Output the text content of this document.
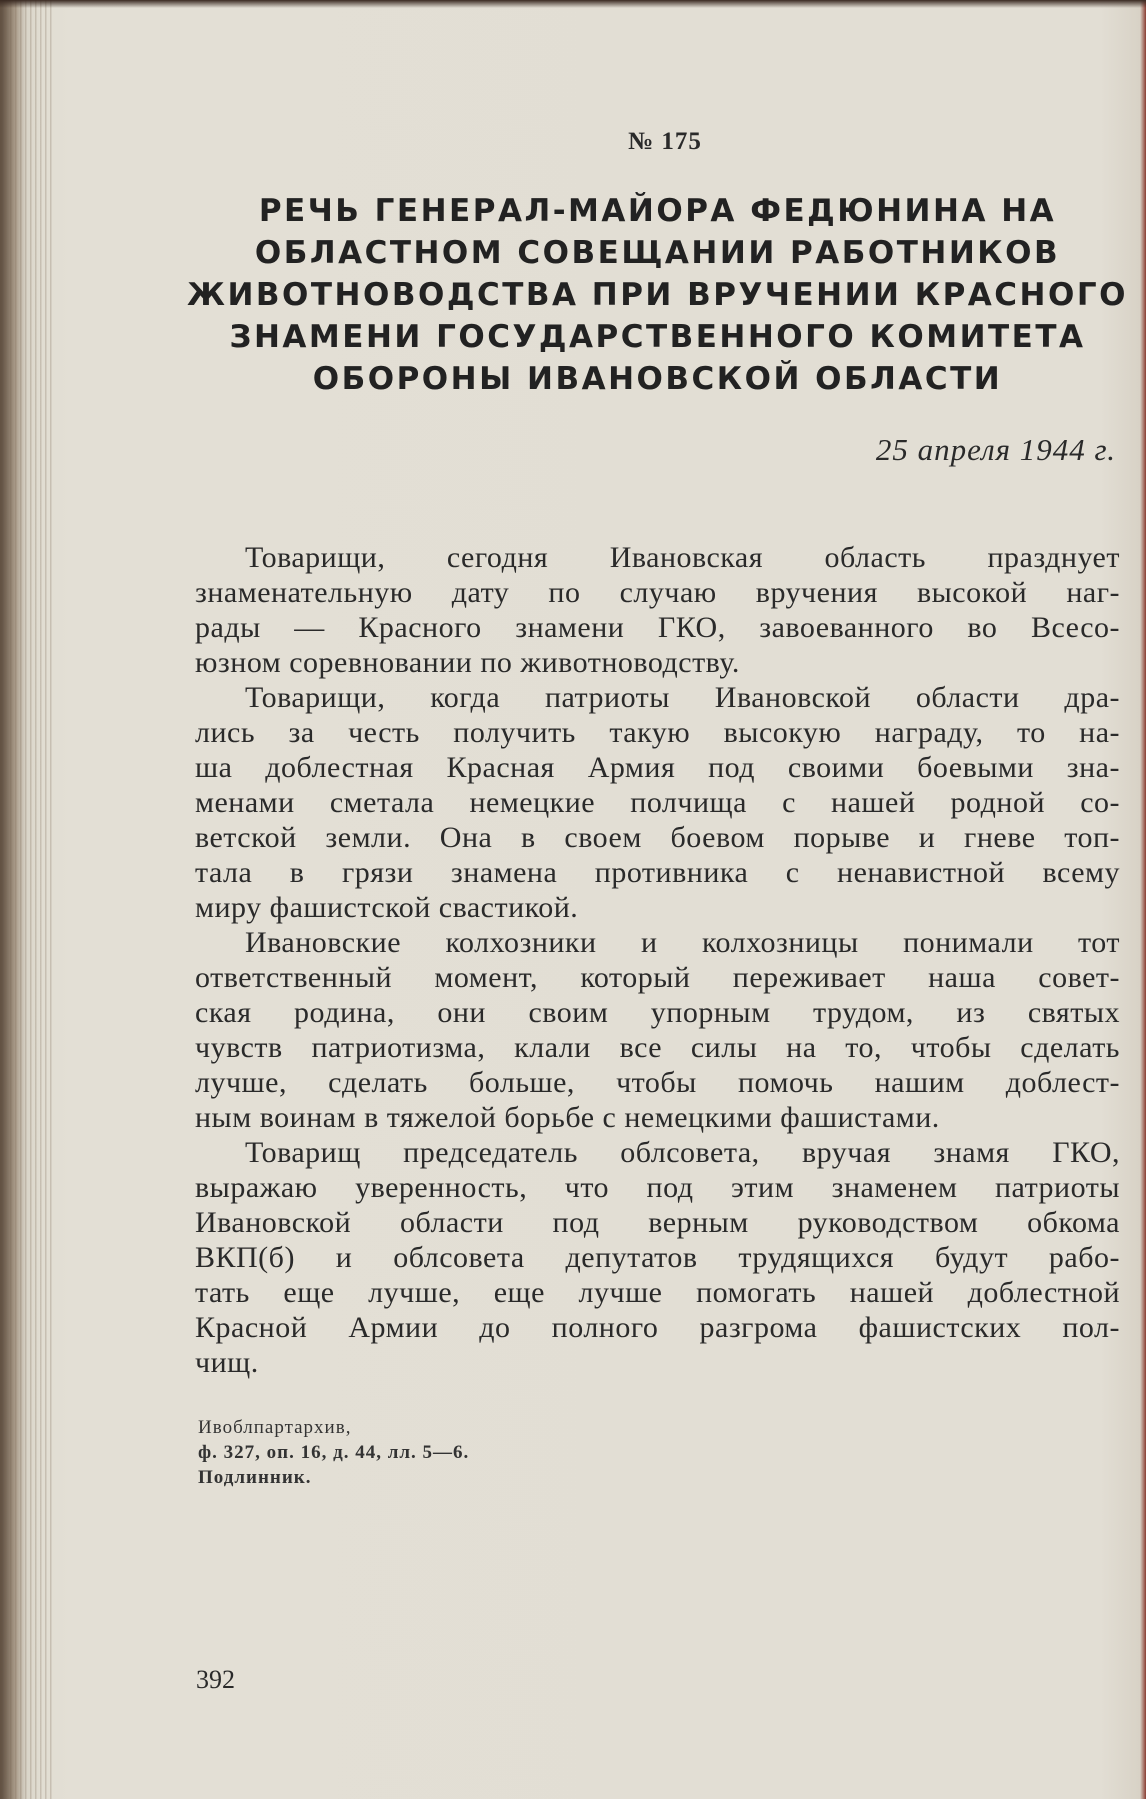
№ 175
РЕЧЬ ГЕНЕРАЛ-МАЙОРА ФЕДЮНИНА НА
ОБЛАСТНОМ СОВЕЩАНИИ РАБОТНИКОВ
ЖИВОТНОВОДСТВА ПРИ ВРУЧЕНИИ КРАСНОГО
ЗНАМЕНИ ГОСУДАРСТВЕННОГО КОМИТЕТА
ОБОРОНЫ ИВАНОВСКОЙ ОБЛАСТИ
25 апреля 1944 г.
Товарищи, сегодня Ивановская область празднует
знаменательную дату по случаю вручения высокой наг-
рады — Красного знамени ГКО, завоеванного во Всесо-
юзном соревновании по животноводству.
Товарищи, когда патриоты Ивановской области дра-
лись за честь получить такую высокую награду, то на-
ша доблестная Красная Армия под своими боевыми зна-
менами сметала немецкие полчища с нашей родной со-
ветской земли. Она в своем боевом порыве и гневе топ-
тала в грязи знамена противника с ненавистной всему
миру фашистской свастикой.
Ивановские колхозники и колхозницы понимали тот
ответственный момент, который переживает наша совет-
ская родина, они своим упорным трудом, из святых
чувств патриотизма, клали все силы на то, чтобы сделать
лучше, сделать больше, чтобы помочь нашим доблест-
ным воинам в тяжелой борьбе с немецкими фашистами.
Товарищ председатель облсовета, вручая знамя ГКО,
выражаю уверенность, что под этим знаменем патриоты
Ивановской области под верным руководством обкома
ВКП(б) и облсовета депутатов трудящихся будут рабо-
тать еще лучше, еще лучше помогать нашей доблестной
Красной Армии до полного разгрома фашистских пол-
чищ.
Ивоблпартархив,
ф. 327, оп. 16, д. 44, лл. 5—6.
Подлинник.
392
